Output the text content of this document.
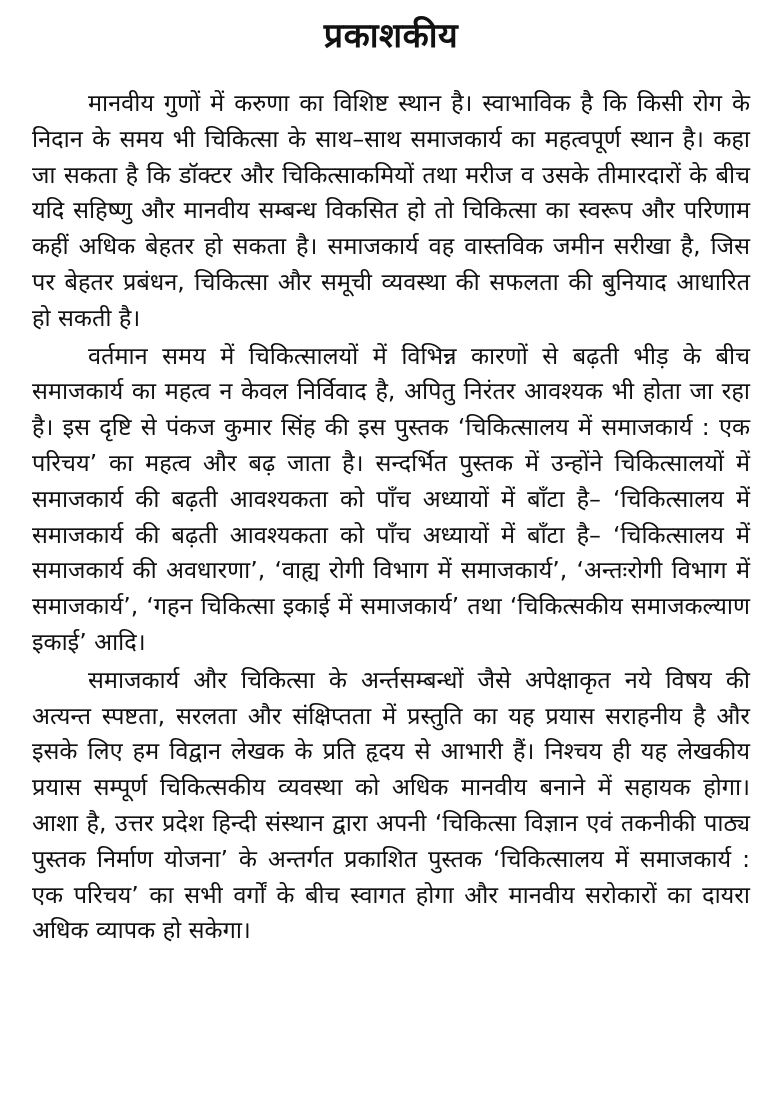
प्रकाशकीय

मानवीय गुणों में करुणा का विशिष्ट स्थान है। स्वाभाविक है कि किसी रोग के निदान के समय भी चिकित्सा के साथ–साथ समाजकार्य का महत्वपूर्ण स्थान है। कहा जा सकता है कि डॉक्टर और चिकित्साकमियों तथा मरीज व उसके तीमारदारों के बीच यदि सहिष्णु और मानवीय सम्बन्ध विकसित हो तो चिकित्सा का स्वरूप और परिणाम कहीं अधिक बेहतर हो सकता है। समाजकार्य वह वास्तविक जमीन सरीखा है, जिस पर बेहतर प्रबंधन, चिकित्सा और समूची व्यवस्था की सफलता की बुनियाद आधारित हो सकती है।

वर्तमान समय में चिकित्सालयों में विभिन्न कारणों से बढ़ती भीड़ के बीच समाजकार्य का महत्व न केवल निर्विवाद है, अपितु निरंतर आवश्यक भी होता जा रहा है। इस दृष्टि से पंकज कुमार सिंह की इस पुस्तक ‘चिकित्सालय में समाजकार्य : एक परिचय’ का महत्व और बढ़ जाता है। सन्दर्भित पुस्तक में उन्होंने चिकित्सालयों में समाजकार्य की बढ़ती आवश्यकता को पाँच अध्यायों में बाँटा है– ‘चिकित्सालय में समाजकार्य की बढ़ती आवश्यकता को पाँच अध्यायों में बाँटा है– ‘चिकित्सालय में समाजकार्य की अवधारणा’, ‘वाह्य रोगी विभाग में समाजकार्य’, ‘अन्तःरोगी विभाग में समाजकार्य’, ‘गहन चिकित्सा इकाई में समाजकार्य’ तथा ‘चिकित्सकीय समाजकल्याण इकाई’ आदि।

समाजकार्य और चिकित्सा के अर्न्तसम्बन्धों जैसे अपेक्षाकृत नये विषय की अत्यन्त स्पष्टता, सरलता और संक्षिप्तता में प्रस्तुति का यह प्रयास सराहनीय है और इसके लिए हम विद्वान लेखक के प्रति हृदय से आभारी हैं। निश्चय ही यह लेखकीय प्रयास सम्पूर्ण चिकित्सकीय व्यवस्था को अधिक मानवीय बनाने में सहायक होगा। आशा है, उत्तर प्रदेश हिन्दी संस्थान द्वारा अपनी ‘चिकित्सा विज्ञान एवं तकनीकी पाठ्य पुस्तक निर्माण योजना’ के अन्तर्गत प्रकाशित पुस्तक ‘चिकित्सालय में समाजकार्य : एक परिचय’ का सभी वर्गों के बीच स्वागत होगा और मानवीय सरोकारों का दायरा अधिक व्यापक हो सकेगा।
